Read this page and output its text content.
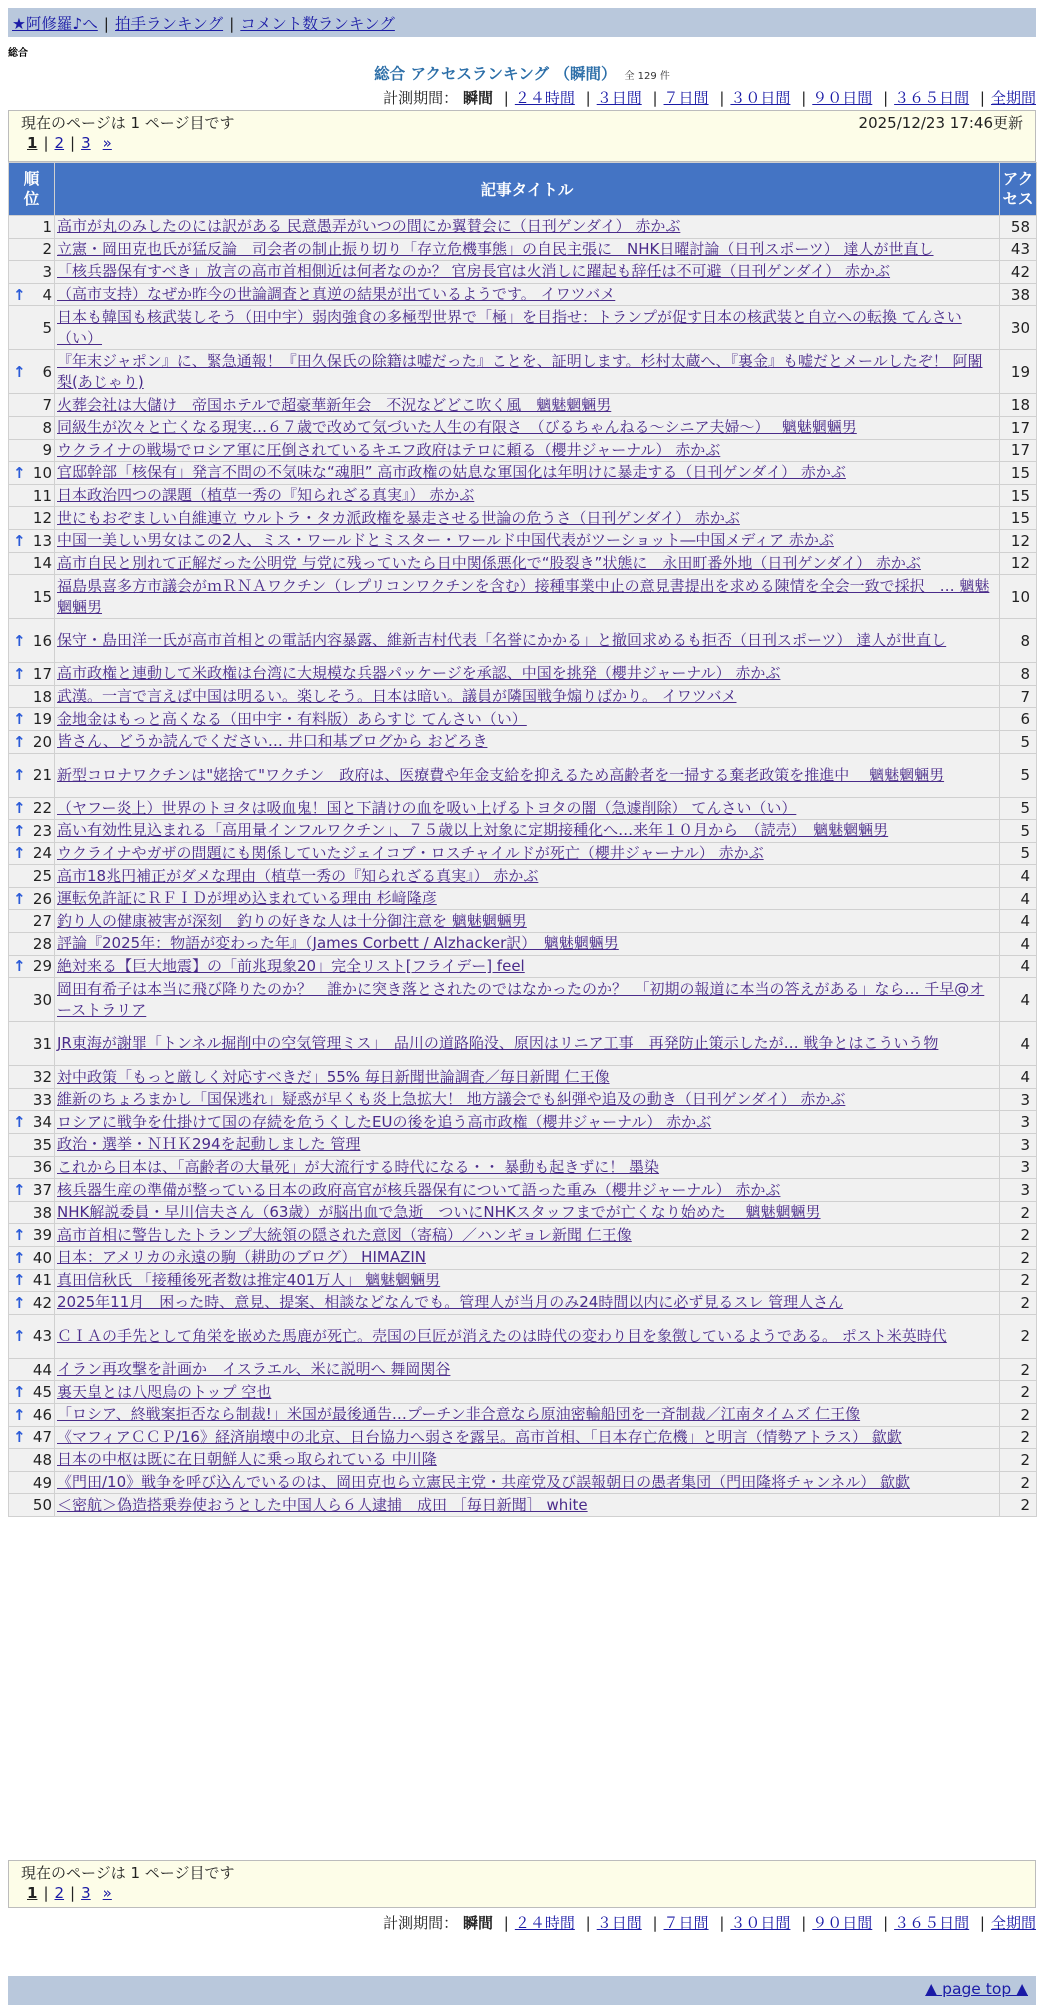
★阿修羅♪へ | 拍手ランキング | コメント数ランキング
総合
総合 アクセスランキング （瞬間） 全 129 件
計測期間： 瞬間 | ２４時間 | ３日間 | ７日間 | ３０日間 | ９０日間 | ３６５日間 | 全期間
現在のページは 1 ページ目です	2025/12/23 17:46更新
1 | 2 | 3 »
順位	記事タイトル	アクセス
1	高市が丸のみしたのには訳がある 民意愚弄がいつの間にか翼賛会に（日刊ゲンダイ） 赤かぶ	58
2	立憲・岡田克也氏が猛反論　司会者の制止振り切り「存立危機事態」の自民主張に　NHK日曜討論（日刊スポーツ） 達人が世直し	43
3	「核兵器保有すべき」放言の高市首相側近は何者なのか？ 官房長官は火消しに躍起も辞任は不可避（日刊ゲンダイ） 赤かぶ	42

↑ 4	（高市支持）なぜか昨今の世論調査と真逆の結果が出ているようです。 イワツバメ	38
5	日本も韓国も核武装しそう（田中宇）弱肉強食の多極型世界で「極」を目指せ：トランプが促す日本の核武装と自立への転換 てんさい（い）	30

↑ 6	『年末ジャポン』に、緊急通報！『田久保氏の除籍は嘘だった』ことを、証明します。杉村太蔵へ、『裏金』も嘘だとメールしたぞ！ 阿闍梨(あじゃり)	19
7	火葬会社は大儲け　帝国ホテルで超豪華新年会　不況などどこ吹く風　魑魅魍魎男	18
8	同級生が次々と亡くなる現実…６７歳で改めて気づいた人生の有限さ　（びるちゃんねる～シニア夫婦～）　 魑魅魍魎男	17
9	ウクライナの戦場でロシア軍に圧倒されているキエフ政府はテロに頼る（櫻井ジャーナル） 赤かぶ	17

↑ 10	官邸幹部「核保有」発言不問の不気味な“魂胆” 高市政権の姑息な軍国化は年明けに暴走する（日刊ゲンダイ） 赤かぶ	15
11	日本政治四つの課題（植草一秀の『知られざる真実』） 赤かぶ	15
12	世にもおぞましい自維連立 ウルトラ・タカ派政権を暴走させる世論の危うさ（日刊ゲンダイ） 赤かぶ	15

↑ 13	中国一美しい男女はこの2人、ミス・ワールドとミスター・ワールド中国代表がツーショット―中国メディア 赤かぶ	12
14	高市自民と別れて正解だった公明党 与党に残っていたら日中関係悪化で“股裂き”状態に　永田町番外地（日刊ゲンダイ） 赤かぶ	12
15	福島県喜多方市議会がｍＲＮＡワクチン（レプリコンワクチンを含む）接種事業中止の意見書提出を求める陳情を全会一致で採択　… 魑魅魍魎男	10

↑ 16	保守・島田洋一氏が高市首相との電話内容暴露、維新吉村代表「名誉にかかる」と撤回求めるも拒否（日刊スポーツ） 達人が世直し	8

↑ 17	高市政権と連動して米政権は台湾に大規模な兵器パッケージを承認、中国を挑発（櫻井ジャーナル） 赤かぶ	8
18	武漢。一言で言えば中国は明るい。楽しそう。日本は暗い。議員が隣国戦争煽りばかり。 イワツバメ	7

↑ 19	金地金はもっと高くなる（田中宇・有料版）あらすじ てんさい（い）	6

↑ 20	皆さん、どうか読んでください… 井口和基ブログから おどろき	5

↑ 21	新型コロナワクチンは"姥捨て"ワクチン　政府は、医療費や年金支給を抑えるため高齢者を一掃する棄老政策を推進中　 魑魅魍魎男	5

↑ 22	（ヤフー炎上）世界のトヨタは吸血鬼！国と下請けの血を吸い上げるトヨタの闇（急遽削除） てんさい（い）	5

↑ 23	高い有効性見込まれる「高用量インフルワクチン」、７５歳以上対象に定期接種化へ…来年１０月から　（読売）　魑魅魍魎男	5

↑ 24	ウクライナやガザの問題にも関係していたジェイコブ・ロスチャイルドが死亡（櫻井ジャーナル） 赤かぶ	5
25	高市18兆円補正がダメな理由（植草一秀の『知られざる真実』） 赤かぶ	4

↑ 26	運転免許証にＲＦＩＤが埋め込まれている理由 杉﨑隆彦	4
27	釣り人の健康被害が深刻　釣りの好きな人は十分御注意を 魑魅魍魎男	4
28	評論『2025年：物語が変わった年』（James Corbett / Alzhacker訳）　魑魅魍魎男	4

↑ 29	絶対来る【巨大地震】の「前兆現象20」完全リスト[フライデー] feel	4
30	岡田有希子は本当に飛び降りたのか？　誰かに突き落とされたのではなかったのか？　「初期の報道に本当の答えがある」なら… 千早@オーストラリア	4
31	JR東海が謝罪「トンネル掘削中の空気管理ミス」　品川の道路陥没、原因はリニア工事　再発防止策示したが… 戦争とはこういう物	4
32	対中政策「もっと厳しく対応すべきだ」55% 毎日新聞世論調査／毎日新聞 仁王像	4
33	維新のちょろまかし「国保逃れ」疑惑が早くも炎上急拡大！ 地方議会でも糾弾や追及の動き（日刊ゲンダイ） 赤かぶ	3

↑ 34	ロシアに戦争を仕掛けて国の存続を危うくしたEUの後を追う高市政権（櫻井ジャーナル） 赤かぶ	3
35	政治・選挙・ＮＨＫ294を起動しました 管理	3
36	これから日本は、「高齢者の大量死」が大流行する時代になる・・ 暴動も起きずに！ 墨染	3

↑ 37	核兵器生産の準備が整っている日本の政府高官が核兵器保有について語った重み（櫻井ジャーナル） 赤かぶ	3
38	NHK解説委員・早川信夫さん（63歳）が脳出血で急逝　ついにNHKスタッフまでが亡くなり始めた　 魑魅魍魎男	2

↑ 39	高市首相に警告したトランプ大統領の隠された意図（寄稿）／ハンギョレ新聞 仁王像	2

↑ 40	日本：アメリカの永遠の駒（耕助のブログ） HIMAZIN	2

↑ 41	真田信秋氏 「接種後死者数は推定401万人」 魑魅魍魎男	2

↑ 42	2025年11月　困った時、意見、提案、相談などなんでも。管理人が当月のみ24時間以内に必ず見るスレ 管理人さん	2

↑ 43	ＣＩＡの手先として角栄を嵌めた馬鹿が死亡。売国の巨匠が消えたのは時代の変わり目を象徴しているようである。 ポスト米英時代	2
44	イラン再攻撃を計画か　イスラエル、米に説明へ 舞岡関谷	2

↑ 45	裏天皇とは八咫烏のトップ 空也	2

↑ 46	「ロシア、終戦案拒否なら制裁!」米国が最後通告…プーチン非合意なら原油密輸船団を一斉制裁／江南タイムズ 仁王像	2

↑ 47	《マフィアＣＣＰ/16》経済崩壊中の北京、日台協力へ弱さを露呈。高市首相、「日本存亡危機」と明言（情勢アトラス） 歙歔	2
48	日本の中枢は既に在日朝鮮人に乗っ取られている 中川隆	2
49	《門田/10》戦争を呼び込んでいるのは、岡田克也ら立憲民主党・共産党及び誤報朝日の愚者集団（門田隆将チャンネル） 歙歔	2
50	＜密航＞偽造搭乗券使おうとした中国人ら６人逮捕　成田 ［毎日新聞］ white	2
現在のページは 1 ページ目です
1 | 2 | 3 »
計測期間： 瞬間 | ２４時間 | ３日間 | ７日間 | ３０日間 | ９０日間 | ３６５日間 | 全期間
▲ page top ▲
